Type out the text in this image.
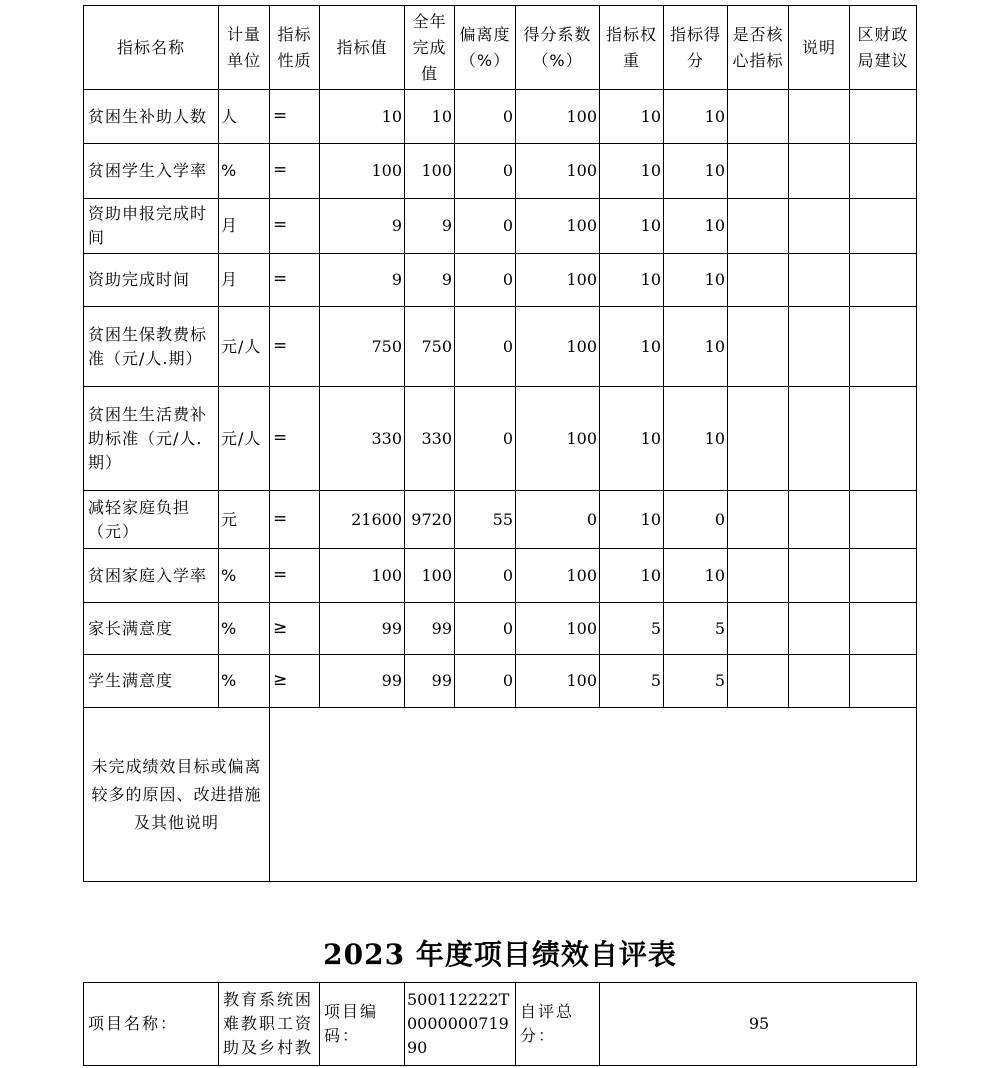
指标名称	计量单位	指标性质	指标值	全年完成值	偏离度（%）	得分系数（%）	指标权重	指标得分	是否核心指标	说明	区财政局建议
贫困生补助人数	人	=	10	10	0	100	10	10			
贫困学生入学率	%	=	100	100	0	100	10	10			
资助申报完成时间	月	=	9	9	0	100	10	10			
资助完成时间	月	=	9	9	0	100	10	10			
贫困生保教费标准（元/人.期）	元/人	=	750	750	0	100	10	10			
贫困生生活费补助标准（元/人.期）	元/人	=	330	330	0	100	10	10			
减轻家庭负担（元）	元	=	21600	9720	55	0	10	0			
贫困家庭入学率	%	=	100	100	0	100	10	10			
家长满意度	%	≥	99	99	0	100	5	5			
学生满意度	%	≥	99	99	0	100	5	5			
未完成绩效目标或偏离较多的原因、改进措施及其他说明											
2023 年度项目绩效自评表
项目名称：	教育系统困难教职工资助及乡村教	项目编码：	500112222T000000071990	自评总分：	95
